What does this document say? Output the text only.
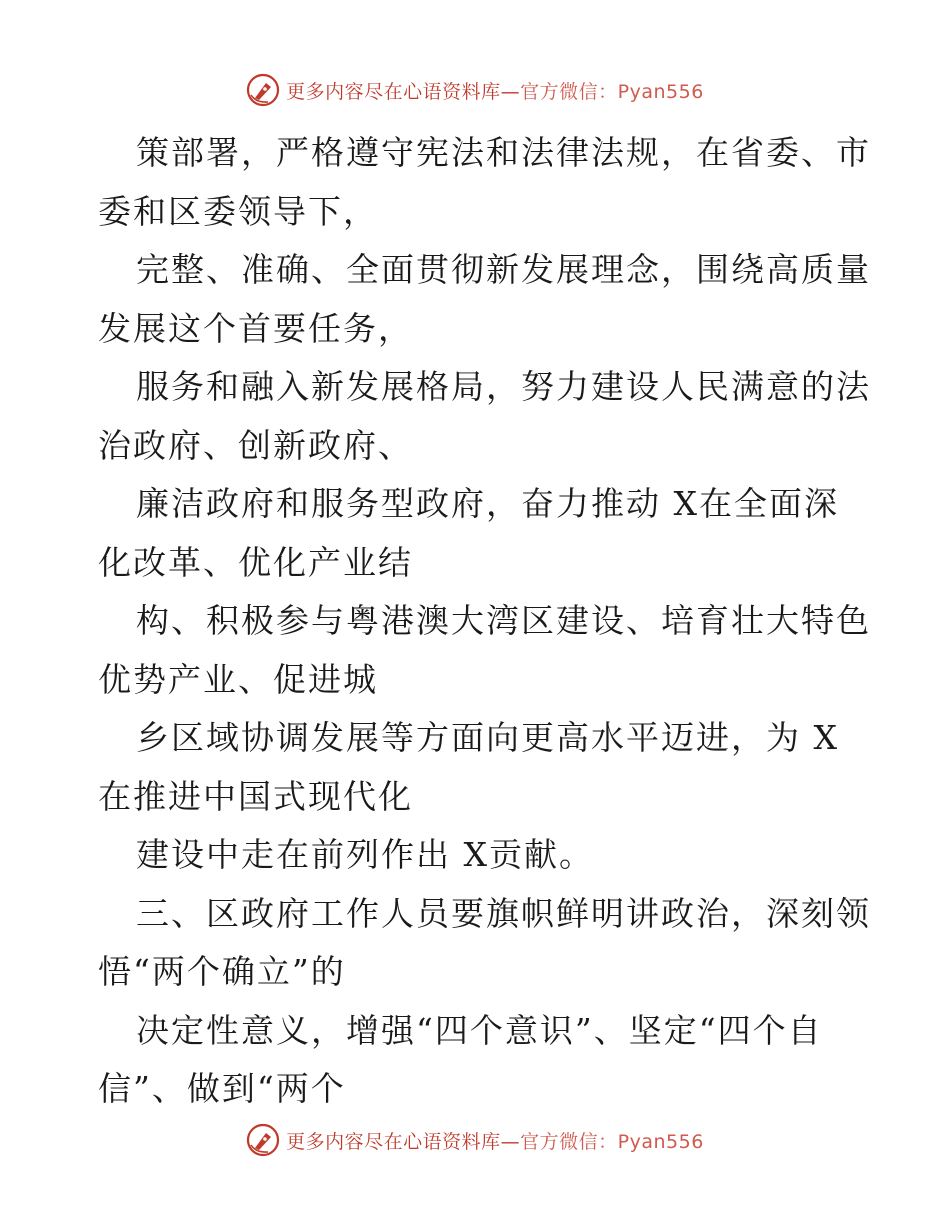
更多内容尽在心语资料库—官方微信：Pyan556
策部署，严格遵守宪法和法律法规，在省委、市
委和区委领导下，
完整、准确、全面贯彻新发展理念，围绕高质量
发展这个首要任务，
服务和融入新发展格局，努力建设人民满意的法
治政府、创新政府、
廉洁政府和服务型政府，奋力推动 X在全面深
化改革、优化产业结
构、积极参与粤港澳大湾区建设、培育壮大特色
优势产业、促进城
乡区域协调发展等方面向更高水平迈进，为 X
在推进中国式现代化
建设中走在前列作出 X贡献。
三、区政府工作人员要旗帜鲜明讲政治，深刻领
悟“两个确立”的
决定性意义，增强“四个意识”、坚定“四个自
信”、做到“两个
更多内容尽在心语资料库—官方微信：Pyan556
